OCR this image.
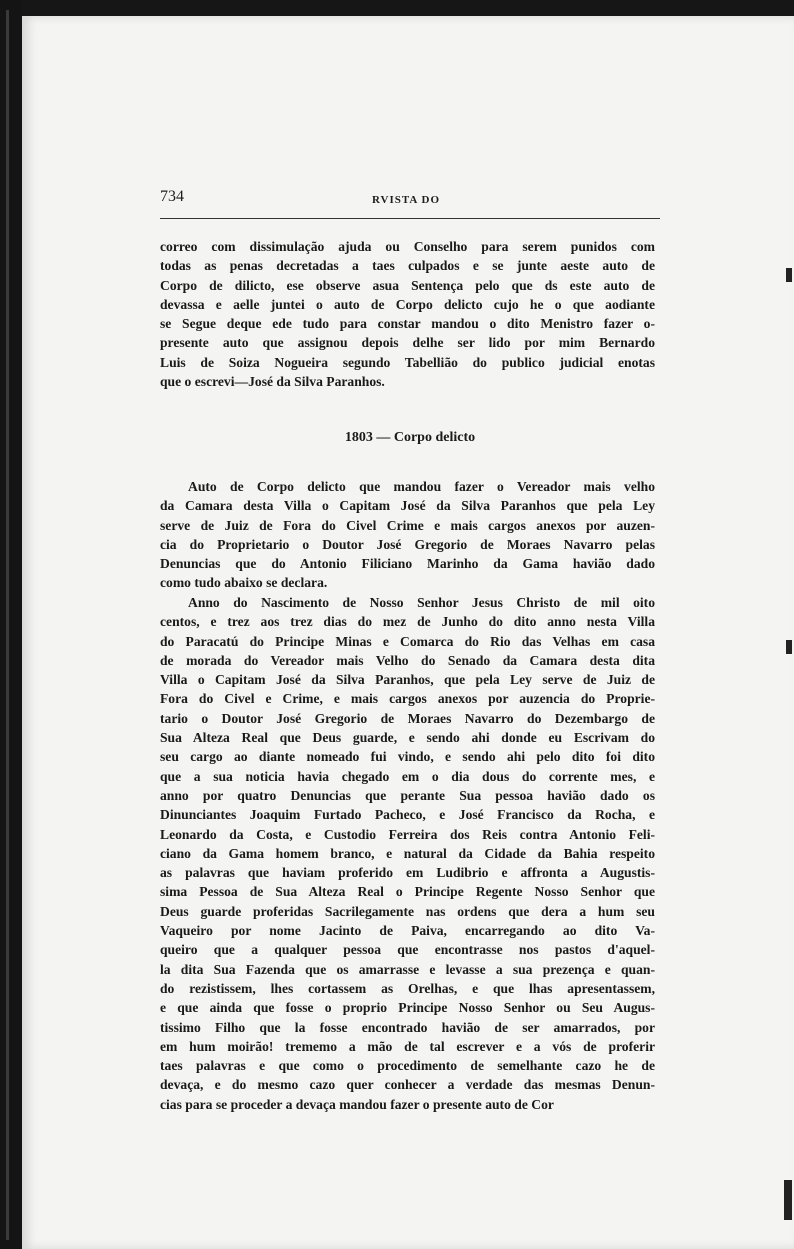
734	RVISTA DO
correo com dissimulação ajuda ou Conselho para serem punidos com
todas as penas decretadas a taes culpados e se junte aeste auto de
Corpo de dilicto, ese observe asua Sentença pelo que ds este auto de
devassa e aelle juntei o auto de Corpo delicto cujo he o que aodiante
se Segue deque ede tudo para constar mandou o dito Menistro fazer o-
presente auto que assignou depois delhe ser lido por mim Bernardo
Luis de Soiza Nogueira segundo Tabellião do publico judicial enotas
que o escrevi—José da Silva Paranhos.
1803 — Corpo delicto
Auto de Corpo delicto que mandou fazer o Vereador mais velho
da Camara desta Villa o Capitam José da Silva Paranhos que pela Ley
serve de Juiz de Fora do Civel Crime e mais cargos anexos por auzen-
cia do Proprietario o Doutor José Gregorio de Moraes Navarro pelas
Denuncias que do Antonio Filiciano Marinho da Gama havião dado
como tudo abaixo se declara.
Anno do Nascimento de Nosso Senhor Jesus Christo de mil oito
centos, e trez aos trez dias do mez de Junho do dito anno nesta Villa
do Paracatú do Principe Minas e Comarca do Rio das Velhas em casa
de morada do Vereador mais Velho do Senado da Camara desta dita
Villa o Capitam José da Silva Paranhos, que pela Ley serve de Juiz de
Fora do Civel e Crime, e mais cargos anexos por auzencia do Proprie-
tario o Doutor José Gregorio de Moraes Navarro do Dezembargo de
Sua Alteza Real que Deus guarde, e sendo ahi donde eu Escrivam do
seu cargo ao diante nomeado fui vindo, e sendo ahi pelo dito foi dito
que a sua noticia havia chegado em o dia dous do corrente mes, e
anno por quatro Denuncias que perante Sua pessoa havião dado os
Dinunciantes Joaquim Furtado Pacheco, e José Francisco da Rocha, e
Leonardo da Costa, e Custodio Ferreira dos Reis contra Antonio Feli-
ciano da Gama homem branco, e natural da Cidade da Bahia respeito
as palavras que haviam proferido em Ludibrio e affronta a Augustis-
sima Pessoa de Sua Alteza Real o Principe Regente Nosso Senhor que
Deus guarde proferidas Sacrilegamente nas ordens que dera a hum seu
Vaqueiro por nome Jacinto de Paiva, encarregando ao dito Va-
queiro que a qualquer pessoa que encontrasse nos pastos d'aquel-
la dita Sua Fazenda que os amarrasse e levasse a sua prezença e quan-
do rezistissem, lhes cortassem as Orelhas, e que lhas apresentassem,
e que ainda que fosse o proprio Principe Nosso Senhor ou Seu Augus-
tissimo Filho que la fosse encontrado havião de ser amarrados, por
em hum moirão! trememo a mão de tal escrever e a vós de proferir
taes palavras e que como o procedimento de semelhante cazo he de
devaça, e do mesmo cazo quer conhecer a verdade das mesmas Denun-
cias para se proceder a devaça mandou fazer o presente auto de Cor
